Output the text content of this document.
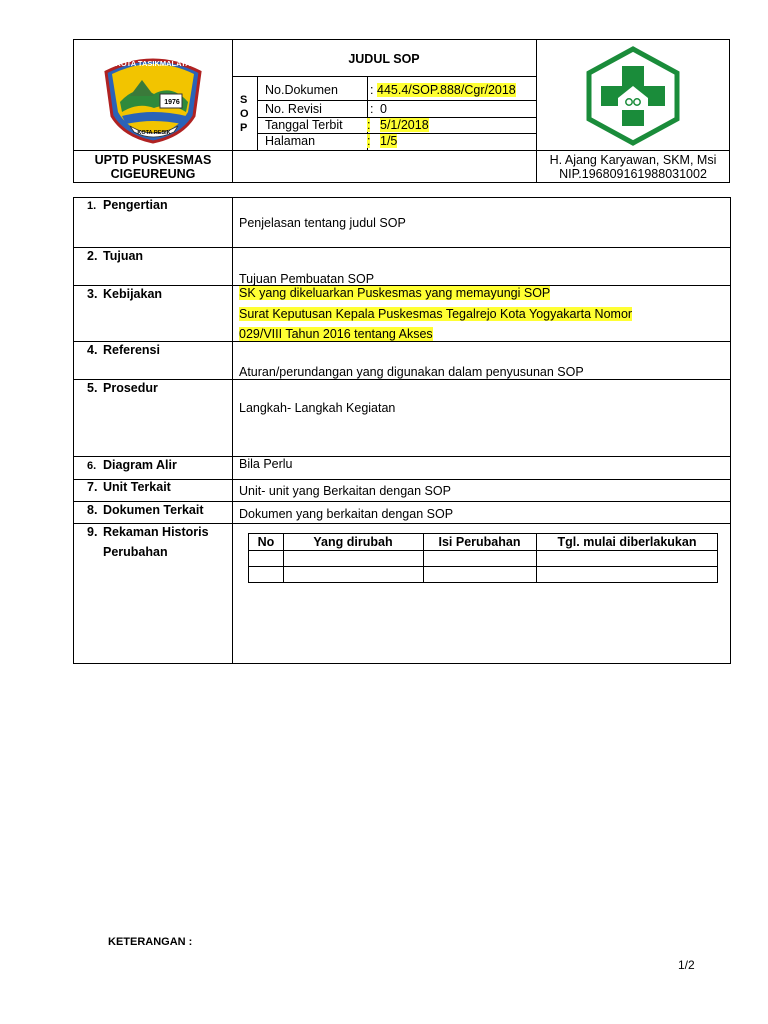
KOTA TASIKMALAYA
1976
KOTA RESIK
JUDUL SOP
S
O
P
No.Dokumen	: 445.4/SOP.888/Cgr/2018
No. Revisi	: 0
Tanggal Terbit : 5/1/2018
Halaman	: 1/5
UPTD PUSKESMAS
CIGEUREUNG
H. Ajang Karyawan, SKM, Msi
NIP.196809161988031002
1. Pengertian
Penjelasan tentang judul SOP
2. Tujuan
Tujuan Pembuatan SOP
3. Kebijakan	SK yang dikeluarkan Puskesmas yang memayungi SOP
Surat Keputusan Kepala Puskesmas Tegalrejo Kota Yogyakarta Nomor
029/VIII Tahun 2016 tentang Akses
4. Referensi
Aturan/perundangan yang digunakan dalam penyusunan SOP
5. Prosedur
Langkah- Langkah Kegiatan
6. Diagram Alir	Bila Perlu
7. Unit Terkait	Unit- unit yang Berkaitan dengan SOP
8. Dokumen Terkait	Dokumen yang berkaitan dengan SOP
9. Rekaman Historis
Perubahan
No	Yang dirubah	Isi Perubahan	Tgl. mulai diberlakukan
KETERANGAN :
1/2
